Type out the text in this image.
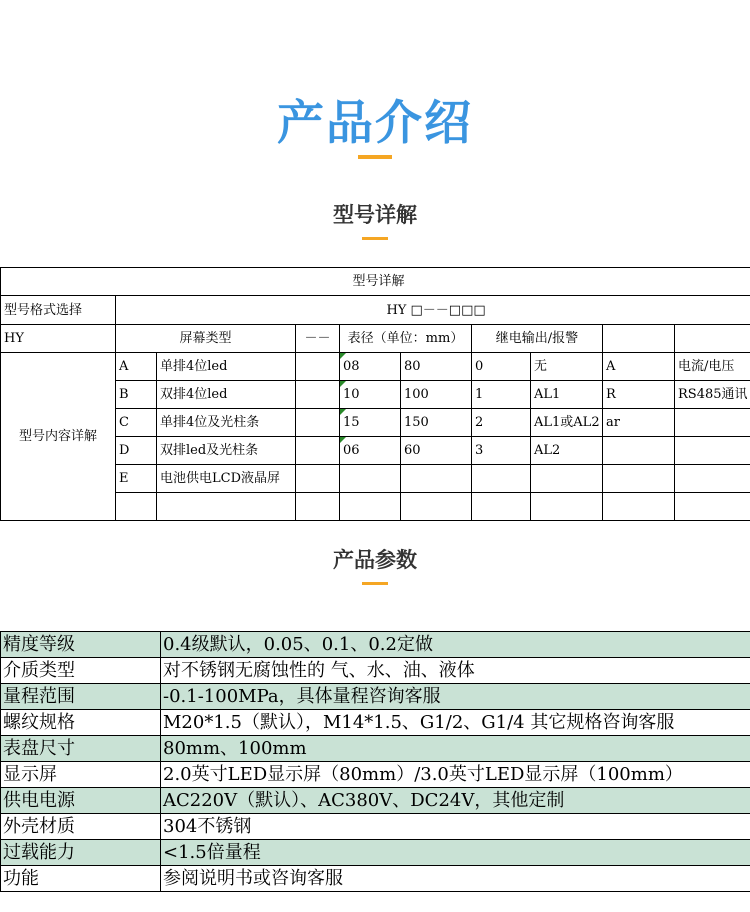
产品介绍
型号详解
型号详解									
型号格式选择	HY □－－□□□								
HY	屏幕类型		－－	表径（单位：mm）		继电输出/报警			
型号内容详解	A	单排4位led		08	80	0	无	A	电流/电压
	B	双排4位led		10	100	1	AL1	R	RS485通讯
	C	单排4位及光柱条		15	150	2	AL1或AL2	ar	
	D	双排led及光柱条		06	60	3	AL2		
	E	电池供电LCD液晶屏							

产品参数
精度等级	0.4级默认，0.05、0.1、0.2定做
介质类型	对不锈钢无腐蚀性的 气、水、油、液体
量程范围	-0.1-100MPa，具体量程咨询客服
螺纹规格	M20*1.5（默认），M14*1.5、G1/2、G1/4 其它规格咨询客服
表盘尺寸	80mm、100mm
显示屏	2.0英寸LED显示屏（80mm）/3.0英寸LED显示屏（100mm）
供电电源	AC220V（默认）、AC380V、DC24V，其他定制
外壳材质	304不锈钢
过载能力	<1.5倍量程
功能	参阅说明书或咨询客服
